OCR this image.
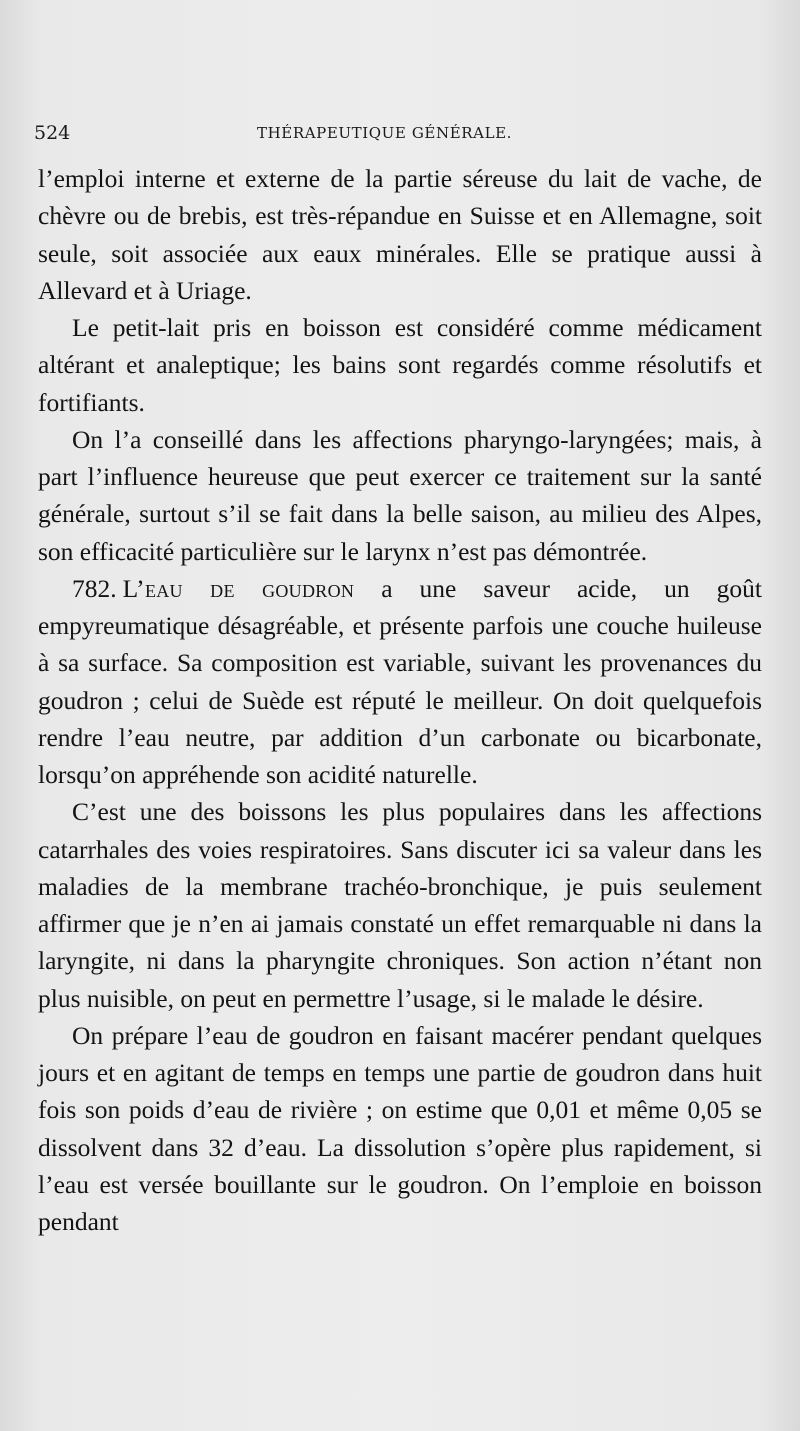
524	THÉRAPEUTIQUE GÉNÉRALE.

l’emploi interne et externe de la partie séreuse du lait de vache, de chèvre ou de brebis, est très-répandue en Suisse et en Allemagne, soit seule, soit associée aux eaux minérales. Elle se pratique aussi à Allevard et à Uriage.

Le petit-lait pris en boisson est considéré comme médicament altérant et analeptique; les bains sont regardés comme résolutifs et fortifiants.

On l’a conseillé dans les affections pharyngo-laryngées; mais, à part l’influence heureuse que peut exercer ce traitement sur la santé générale, surtout s’il se fait dans la belle saison, au milieu des Alpes, son efficacité particulière sur le larynx n’est pas démontrée.

782. L’eau de goudron a une saveur acide, un goût empyreumatique désagréable, et présente parfois une couche huileuse à sa surface. Sa composition est variable, suivant les provenances du goudron ; celui de Suède est réputé le meilleur. On doit quelquefois rendre l’eau neutre, par addition d’un carbonate ou bicarbonate, lorsqu’on appréhende son acidité naturelle.

C’est une des boissons les plus populaires dans les affections catarrhales des voies respiratoires. Sans discuter ici sa valeur dans les maladies de la membrane trachéo-bronchique, je puis seulement affirmer que je n’en ai jamais constaté un effet remarquable ni dans la laryngite, ni dans la pharyngite chroniques. Son action n’étant non plus nuisible, on peut en permettre l’usage, si le malade le désire.

On prépare l’eau de goudron en faisant macérer pendant quelques jours et en agitant de temps en temps une partie de goudron dans huit fois son poids d’eau de rivière ; on estime que 0,01 et même 0,05 se dissolvent dans 32 d’eau. La dissolution s’opère plus rapidement, si l’eau est versée bouillante sur le goudron. On l’emploie en boisson pendant
